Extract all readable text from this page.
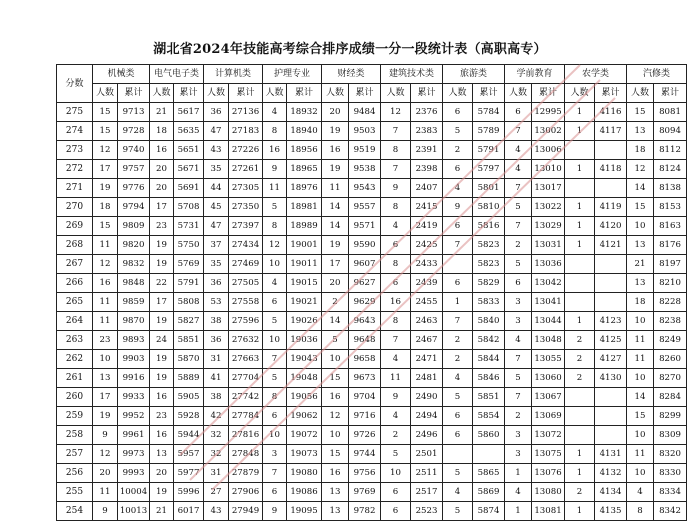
湖北省2024年技能高考综合排序成绩一分一段统计表（高职高专）
分数	机械类		电气电子类		计算机类		护理专业		财经类		建筑技术类		旅游类		学前教育		农学类		汽修类	
	人数	累计	人数	累计	人数	累计	人数	累计	人数	累计	人数	累计	人数	累计	人数	累计	人数	累计	人数	累计
275	15	9713	21	5617	36	27136	4	18932	20	9484	12	2376	6	5784	6	12995	1	4116	15	8081
274	15	9728	18	5635	47	27183	8	18940	19	9503	7	2383	5	5789	7	13002	1	4117	13	8094
273	12	9740	16	5651	43	27226	16	18956	16	9519	8	2391	2	5791	4	13006			18	8112
272	17	9757	20	5671	35	27261	9	18965	19	9538	7	2398	6	5797	4	13010	1	4118	12	8124
271	19	9776	20	5691	44	27305	11	18976	11	9543	9	2407	4	5801	7	13017			14	8138
270	18	9794	17	5708	45	27350	5	18981	14	9557	8	2415	9	5810	5	13022	1	4119	15	8153
269	15	9809	23	5731	47	27397	8	18989	14	9571	4	2419	6	5816	7	13029	1	4120	10	8163
268	11	9820	19	5750	37	27434	12	19001	19	9590	6	2425	7	5823	2	13031	1	4121	13	8176
267	12	9832	19	5769	35	27469	10	19011	17	9607	8	2433		5823	5	13036			21	8197
266	16	9848	22	5791	36	27505	4	19015	20	9627	6	2439	6	5829	6	13042			13	8210
265	11	9859	17	5808	53	27558	6	19021	2	9629	16	2455	1	5833	3	13041			18	8228
264	11	9870	19	5827	38	27596	5	19026	14	9643	8	2463	7	5840	3	13044	1	4123	10	8238
263	23	9893	24	5851	36	27632	10	19036	5	9648	7	2467	2	5842	4	13048	2	4125	11	8249
262	10	9903	19	5870	31	27663	7	19043	10	9658	4	2471	2	5844	7	13055	2	4127	11	8260
261	13	9916	19	5889	41	27704	5	19048	15	9673	11	2481	4	5846	5	13060	2	4130	10	8270
260	17	9933	16	5905	38	27742	8	19056	16	9704	9	2490	5	5851	7	13067			14	8284
259	19	9952	23	5928	42	27784	6	19062	12	9716	4	2494	6	5854	2	13069			15	8299
258	9	9961	16	5944	32	27816	10	19072	10	9726	2	2496	6	5860	3	13072			10	8309
257	12	9973	13	5957	32	27848	3	19073	15	9744	5	2501			3	13075	1	4131	11	8320
256	20	9993	20	5977	31	27879	7	19080	16	9756	10	2511	5	5865	1	13076	1	4132	10	8330
255	11	10004	19	5996	27	27906	6	19086	13	9769	6	2517	4	5869	4	13080	2	4134	4	8334
254	9	10013	21	6017	43	27949	9	19095	13	9782	6	2523	5	5874	1	13081	1	4135	8	8342
